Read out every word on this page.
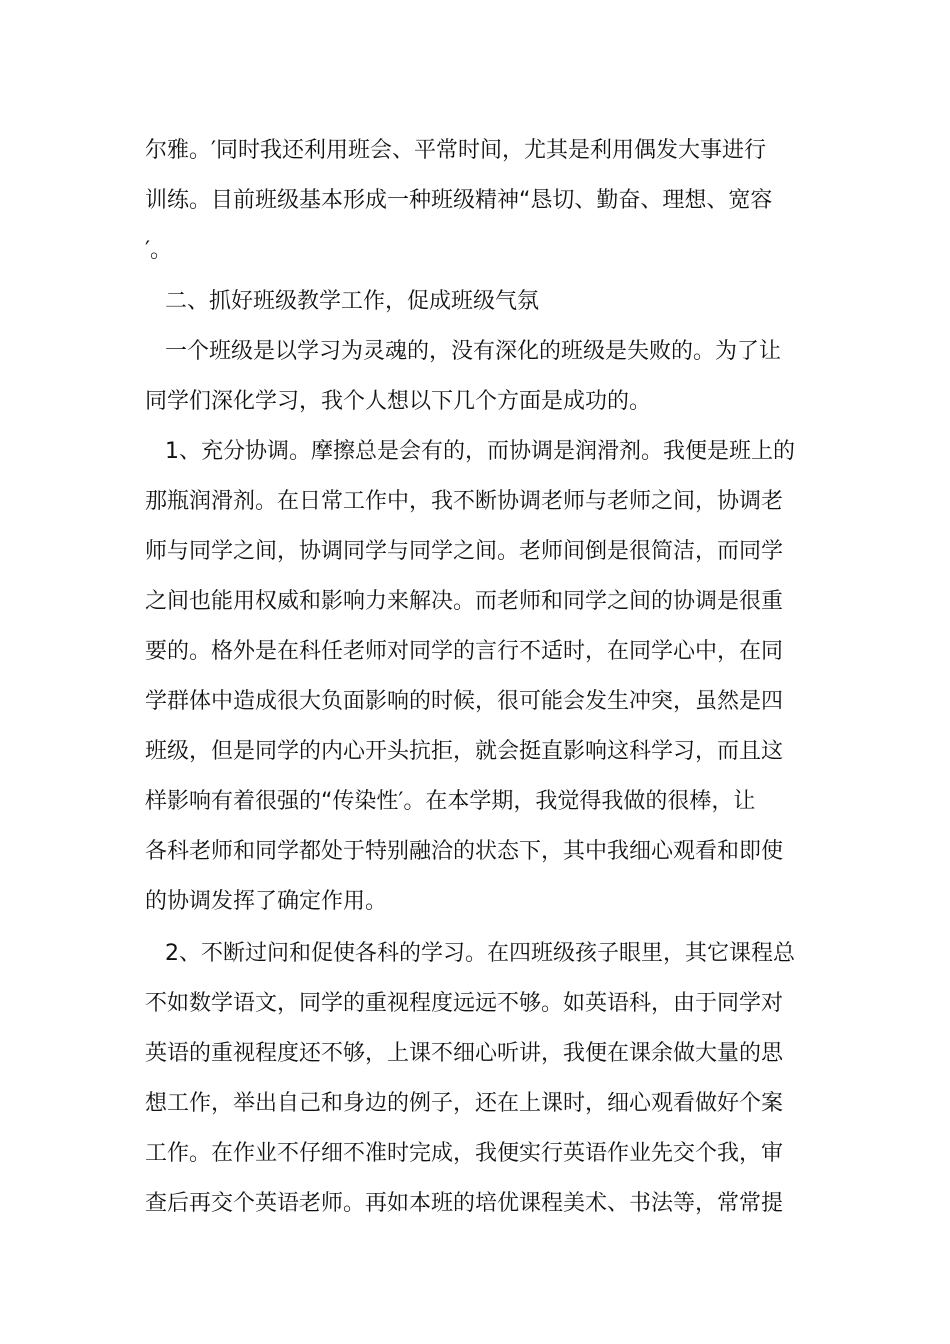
尔雅。′同时我还利用班会、平常时间，尤其是利用偶发大事进行
训练。目前班级基本形成一种班级精神“恳切、勤奋、理想、宽容
′。
二、抓好班级教学工作，促成班级气氛
一个班级是以学习为灵魂的，没有深化的班级是失败的。为了让
同学们深化学习，我个人想以下几个方面是成功的。
1、充分协调。摩擦总是会有的，而协调是润滑剂。我便是班上的
那瓶润滑剂。在日常工作中，我不断协调老师与老师之间，协调老
师与同学之间，协调同学与同学之间。老师间倒是很简洁，而同学
之间也能用权威和影响力来解决。而老师和同学之间的协调是很重
要的。格外是在科任老师对同学的言行不适时，在同学心中，在同
学群体中造成很大负面影响的时候，很可能会发生冲突，虽然是四
班级，但是同学的内心开头抗拒，就会挺直影响这科学习，而且这
样影响有着很强的“传染性′。在本学期，我觉得我做的很棒，让
各科老师和同学都处于特别融洽的状态下，其中我细心观看和即使
的协调发挥了确定作用。
2、不断过问和促使各科的学习。在四班级孩子眼里，其它课程总
不如数学语文，同学的重视程度远远不够。如英语科，由于同学对
英语的重视程度还不够，上课不细心听讲，我便在课余做大量的思
想工作，举出自己和身边的例子，还在上课时，细心观看做好个案
工作。在作业不仔细不准时完成，我便实行英语作业先交个我，审
查后再交个英语老师。再如本班的培优课程美术、书法等，常常提
